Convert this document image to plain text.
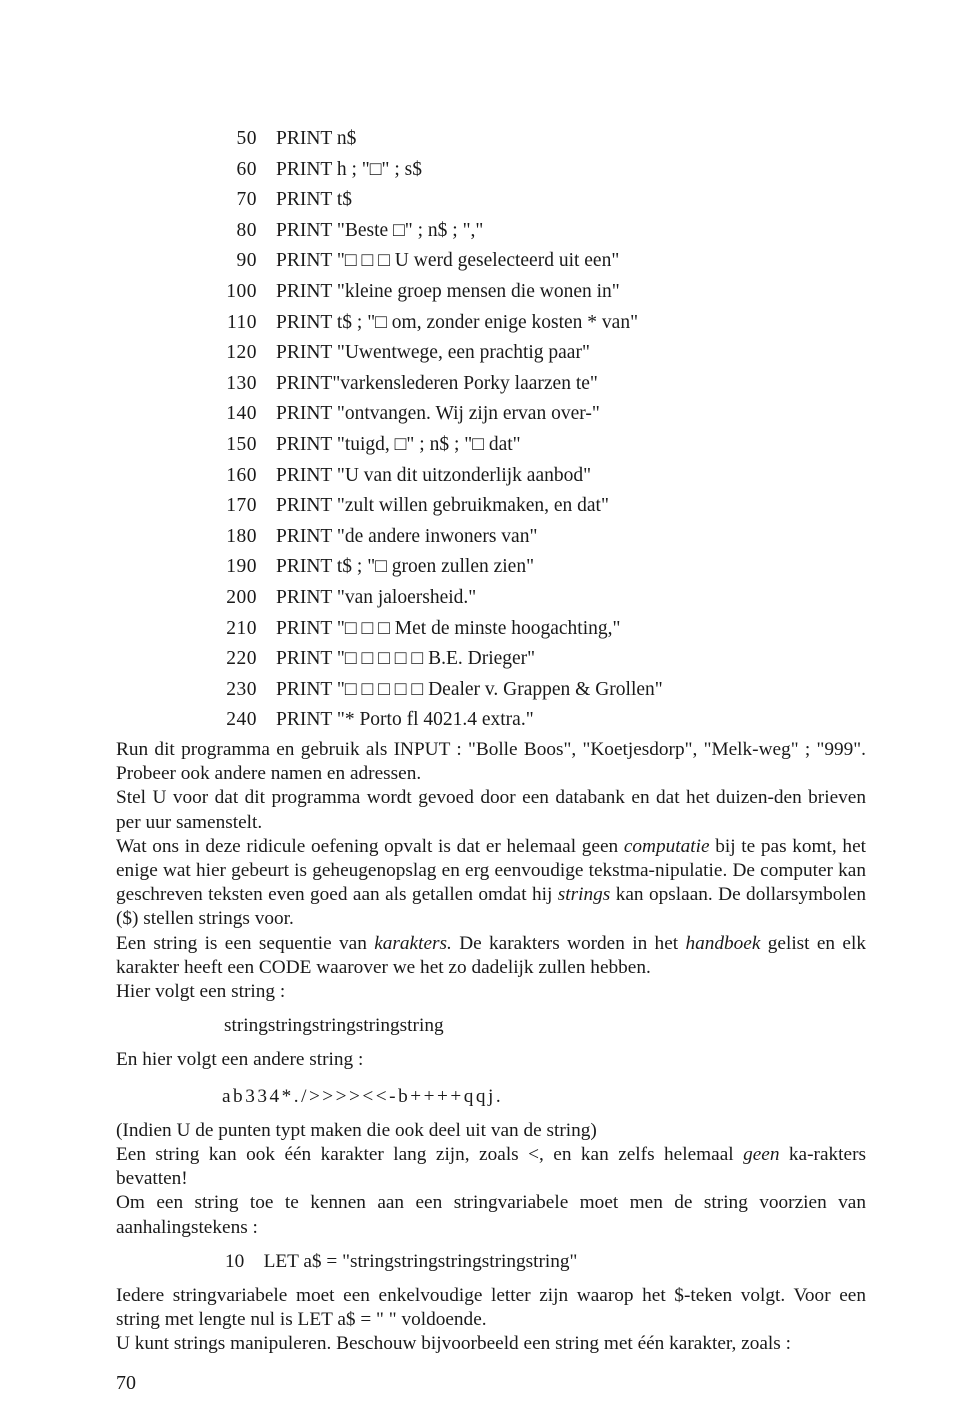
50 PRINT n$
60 PRINT h ; "□" ; s$
70 PRINT t$
80 PRINT "Beste □" ; n$ ; ","
90 PRINT "□ □ □ U werd geselecteerd uit een"
100 PRINT "kleine groep mensen die wonen in"
110 PRINT t$ ; "□ om, zonder enige kosten * van"
120 PRINT "Uwentwege, een prachtig paar"
130 PRINT"varkenslederen Porky laarzen te"
140 PRINT "ontvangen. Wij zijn ervan over-"
150 PRINT "tuigd, □" ; n$ ; "□ dat"
160 PRINT "U van dit uitzonderlijk aanbod"
170 PRINT "zult willen gebruikmaken, en dat"
180 PRINT "de andere inwoners van"
190 PRINT t$ ; "□ groen zullen zien"
200 PRINT "van jaloersheid."
210 PRINT "□ □ □ Met de minste hoogachting,"
220 PRINT "□ □ □ □ □ B.E. Drieger"
230 PRINT "□ □ □ □ □ Dealer v. Grappen & Grollen"
240 PRINT "* Porto fl 4021.4 extra."

Run dit programma en gebruik als INPUT : "Bolle Boos", "Koetjesdorp", "Melk-weg" ; "999". Probeer ook andere namen en adressen.

Stel U voor dat dit programma wordt gevoed door een databank en dat het duizen-den brieven per uur samenstelt.

Wat ons in deze ridicule oefening opvalt is dat er helemaal geen computatie bij te pas komt, het enige wat hier gebeurt is geheugenopslag en erg eenvoudige tekstma-nipulatie. De computer kan geschreven teksten even goed aan als getallen omdat hij strings kan opslaan. De dollarsymbolen ($) stellen strings voor.

Een string is een sequentie van karakters. De karakters worden in het handboek gelist en elk karakter heeft een CODE waarover we het zo dadelijk zullen hebben.

Hier volgt een string :

stringstringstringstringstring

En hier volgt een andere string :

ab334*./>>>><<-b++++qqj.

(Indien U de punten typt maken die ook deel uit van de string)

Een string kan ook één karakter lang zijn, zoals <, en kan zelfs helemaal geen ka-rakters bevatten!

Om een string toe te kennen aan een stringvariabele moet men de string voorzien van aanhalingstekens :

10 LET a$ = "stringstringstringstringstring"

Iedere stringvariabele moet een enkelvoudige letter zijn waarop het $-teken volgt. Voor een string met lengte nul is LET a$ = " " voldoende.

U kunt strings manipuleren. Beschouw bijvoorbeeld een string met één karakter, zoals :

70
